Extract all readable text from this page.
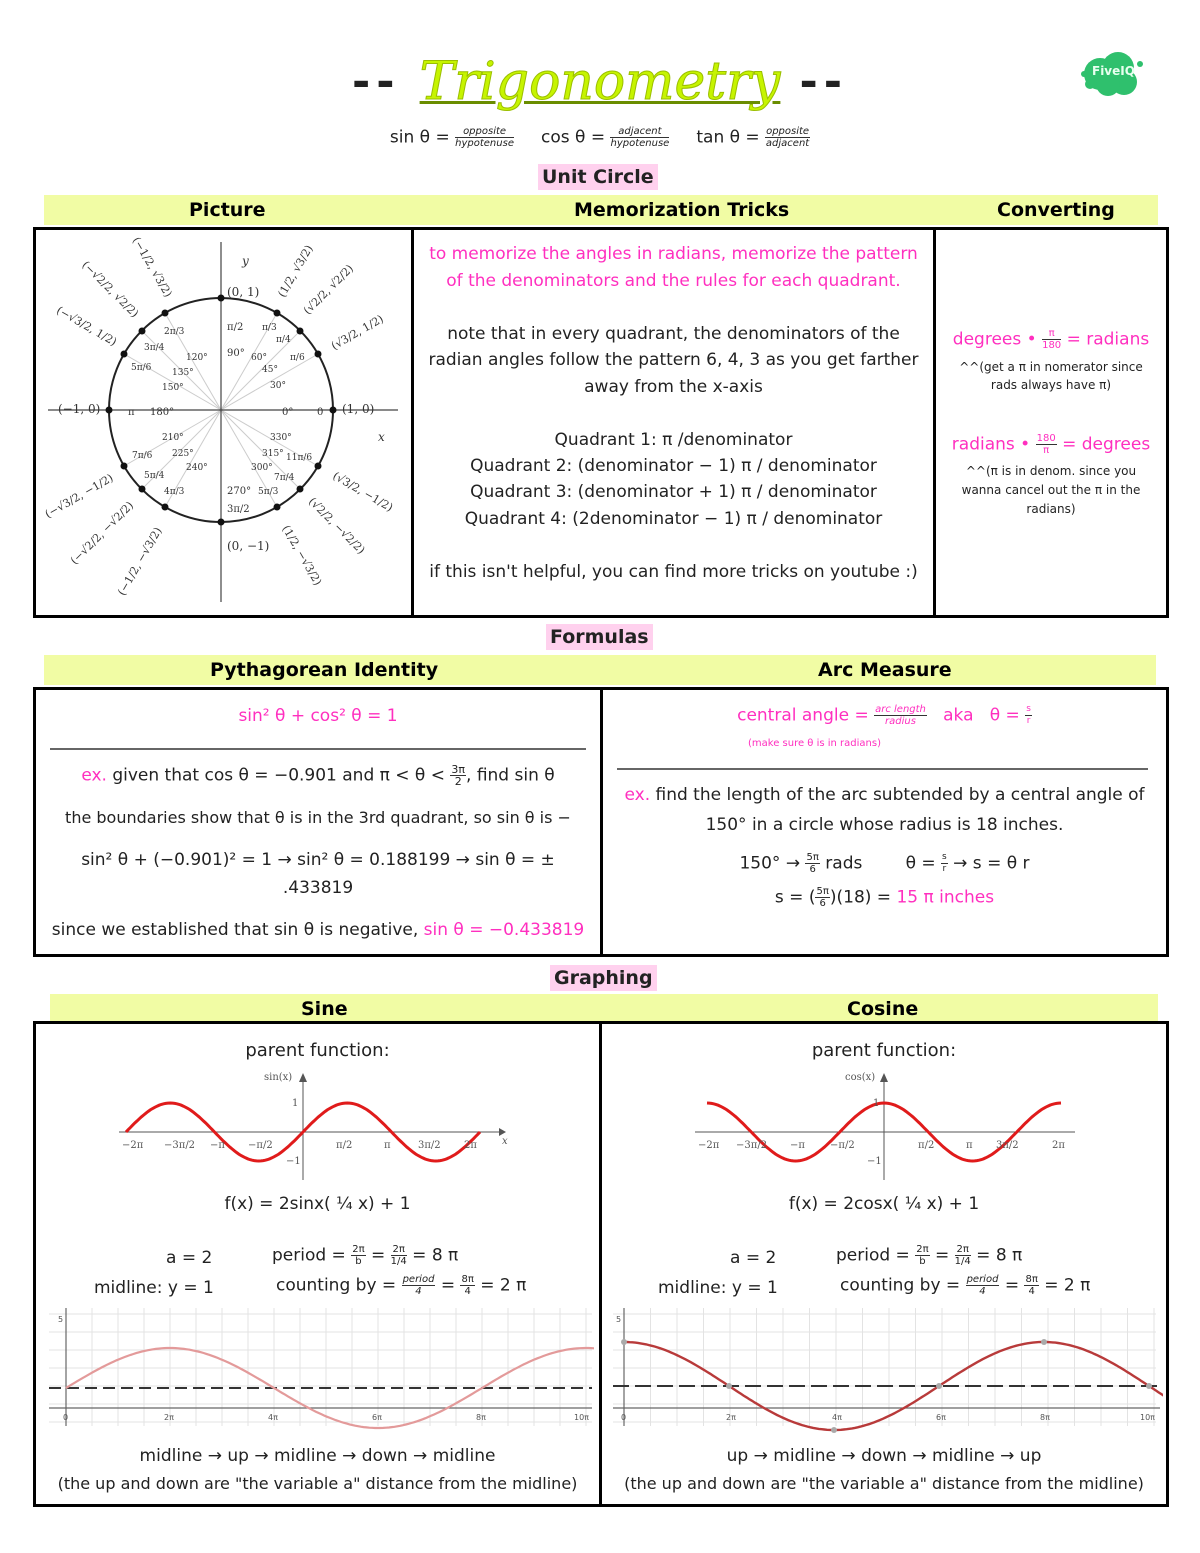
-- Trigonometry --	FiveIQ
$\sin \theta = \frac{\text{opposite}}{\text{hypotenuse}}$ $\cos \theta = \frac{\text{adjacent}}{\text{hypotenuse}}$ $\tan \theta = \frac{\text{opposite}}{\text{adjacent}}$
Unit Circle
Picture	Memorization Tricks	Converting
y
x
(0, 1)
(0, −1)
(−1, 0)	(1, 0)
90°
π/2
0° 0
180°
π
270°
3π/2
30°
45°
60°
120°
135°
150°
210°
225°
240°	300°
315°
330°
π/6
π/4
π/3
2π/3
3π/4
5π/6
7π/6
5π/4
4π/3	5π/3
7π/4
11π/6
(√3/2, 1/2)
(√2/2, √2/2)
(1/2, √3/2)
(−1/2, √3/2)
(−√2/2, √2/2)
(−√3/2, 1/2)
(−√3/2, −1/2)
(−√2/2, −√2/2)
(−1/2, −√3/2)	(1/2, −√3/2)
(√2/2, −√2/2)
(√3/2, −1/2)
to memorize the angles in radians, memorize the pattern
of the denominators and the rules for each quadrant.
note that in every quadrant, the denominators of the
radian angles follow the pattern 6, 4, 3 as you get farther
away from the x-axis
Quadrant 1: π /denominator
Quadrant 2: (denominator − 1) π / denominator
Quadrant 3: (denominator + 1) π / denominator
Quadrant 4: (2denominator − 1) π / denominator
if this isn't helpful, you can find more tricks on youtube :)
degrees • $\frac{\pi}{180}$ = radians
^^(get a π in nomerator since
rads always have π)
radians • $\frac{180}{\pi}$ = degrees
^^(π is in denom. since you
wanna cancel out the π in the
radians)
Formulas
Pythagorean Identity	Arc Measure
sin² θ + cos² θ = 1
ex. given that cos θ = −0.901 and $\pi < \theta < \frac{3\pi}{2}$ , find sin θ
the boundaries show that θ is in the 3rd quadrant, so sin θ is −
sin² θ + (−0.901)² = 1 → sin² θ = 0.188199 → sin θ = ±
.433819
since we established that sin θ is negative, sin θ = −0.433819
central angle = $\frac{\text{arc length}}{\text{radius}}$ aka $\theta = \frac{s}{r}$
(make sure θ is in radians)
ex. find the length of the arc subtended by a central angle of
150° in a circle whose radius is 18 inches.
$150^\circ \to \frac{5\pi}{6}$ rads	$\theta = \frac{s}{r} \to s = \theta$ r
s = ( $\frac{5\pi}{6} )(18) = 15$ π inches
Graphing
Sine	Cosine
parent function:
sin(x)
1
−1
x
−2π −3π/2 −π −π/2	π/2	π	3π/2 2π
f(x) = 2sinx( ¼ x) + 1
a = 2
midline: y = 1
period = $\frac{2\pi}{b} = \frac{2\pi}{1/4} = 8$ π
counting by = $\frac{\text{period}}{4} = \frac{8\pi}{4} = 2$ π
5
0	2π	4π	6π	8π	10π
midline → up → midline → down → midline
(the up and down are "the variable a" distance from the midline)
parent function:
cos(x)
1
−1
−2π −3π/2 −π	−π/2	π/2	π 3π/2	2π
f(x) = 2cosx( ¼ x) + 1
a = 2
midline: y = 1
period = $\frac{2\pi}{b} = \frac{2\pi}{1/4} = 8$ π
counting by = $\frac{\text{period}}{4} = \frac{8\pi}{4} = 2$ π
5
0	2π	4π	6π	8π	10π
up → midline → down → midline → up
(the up and down are "the variable a" distance from the midline)
